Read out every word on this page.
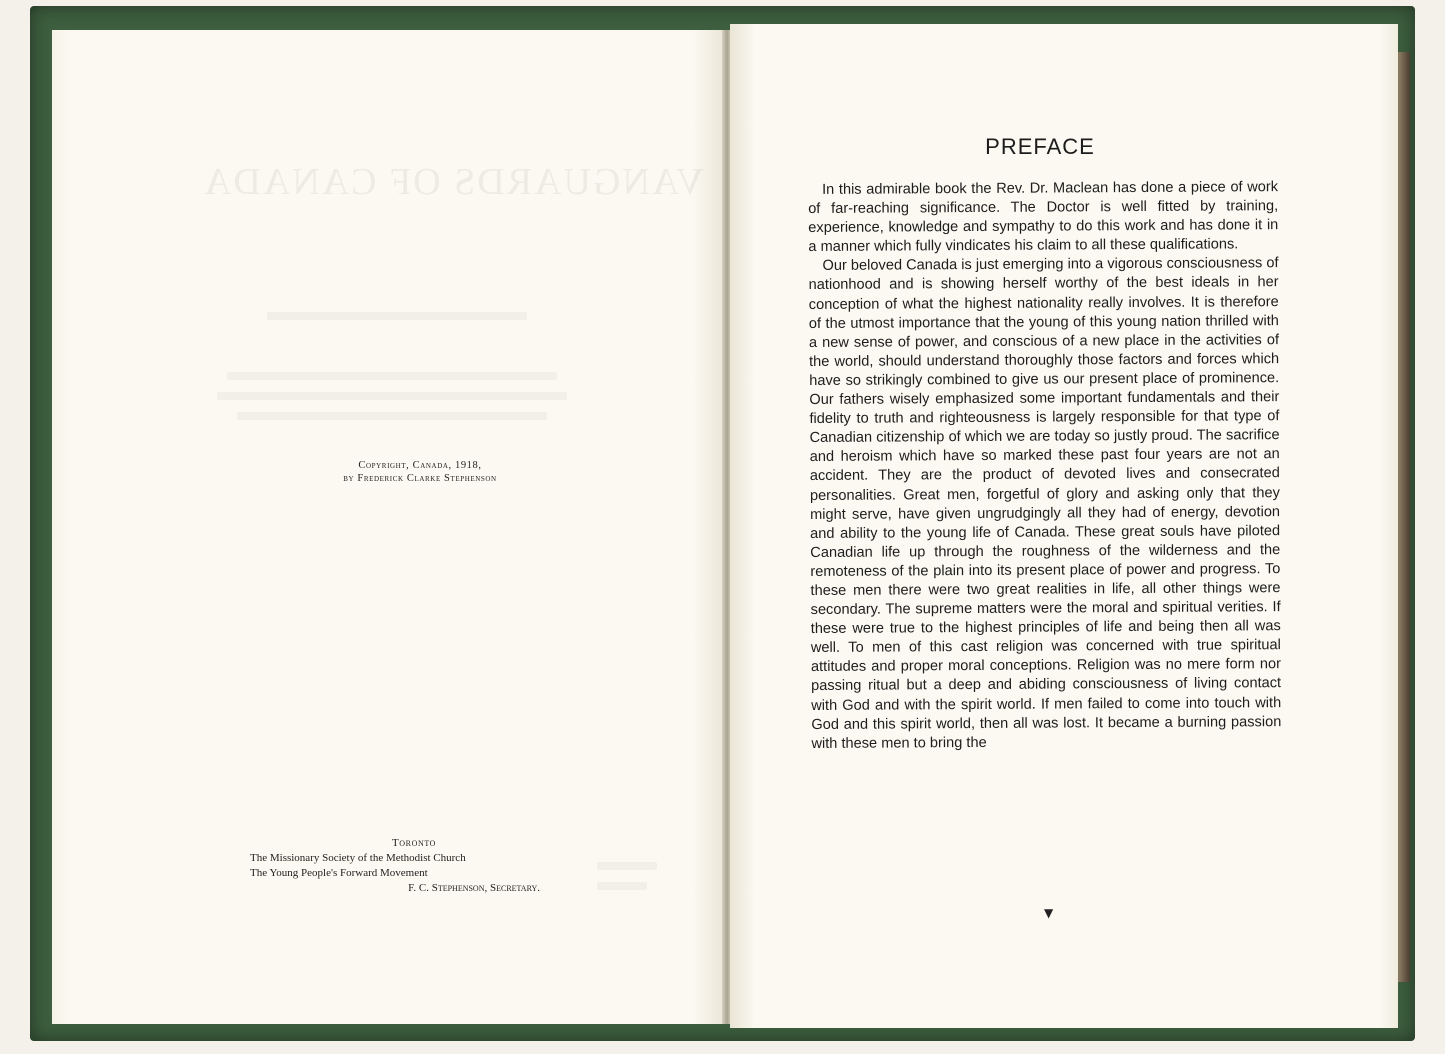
VANGUARDS OF CANADA
Copyright, Canada, 1918,
by Frederick Clarke Stephenson
Toronto
The Missionary Society of the Methodist Church
The Young People's Forward Movement
F. C. Stephenson, Secretary.
PREFACE

In this admirable book the Rev. Dr. Maclean has done a piece of work of far-reaching significance. The Doctor is well fitted by training, experience, knowledge and sympathy to do this work and has done it in a manner which fully vindicates his claim to all these qualifications.

Our beloved Canada is just emerging into a vigorous consciousness of nationhood and is showing herself worthy of the best ideals in her conception of what the highest nationality really involves. It is therefore of the utmost importance that the young of this young nation thrilled with a new sense of power, and conscious of a new place in the activities of the world, should understand thoroughly those factors and forces which have so strikingly combined to give us our present place of prominence. Our fathers wisely emphasized some important fundamentals and their fidelity to truth and righteousness is largely responsible for that type of Canadian citizenship of which we are today so justly proud. The sacrifice and heroism which have so marked these past four years are not an accident. They are the product of devoted lives and consecrated personalities. Great men, forgetful of glory and asking only that they might serve, have given ungrudgingly all they had of energy, devotion and ability to the young life of Canada. These great souls have piloted Canadian life up through the roughness of the wilderness and the remoteness of the plain into its present place of power and progress. To these men there were two great realities in life, all other things were secondary. The supreme matters were the moral and spiritual verities. If these were true to the highest principles of life and being then all was well. To men of this cast religion was concerned with true spiritual attitudes and proper moral conceptions. Religion was no mere form nor passing ritual but a deep and abiding consciousness of living contact with God and with the spirit world. If men failed to come into touch with God and this spirit world, then all was lost. It became a burning passion with these men to bring the

▼
